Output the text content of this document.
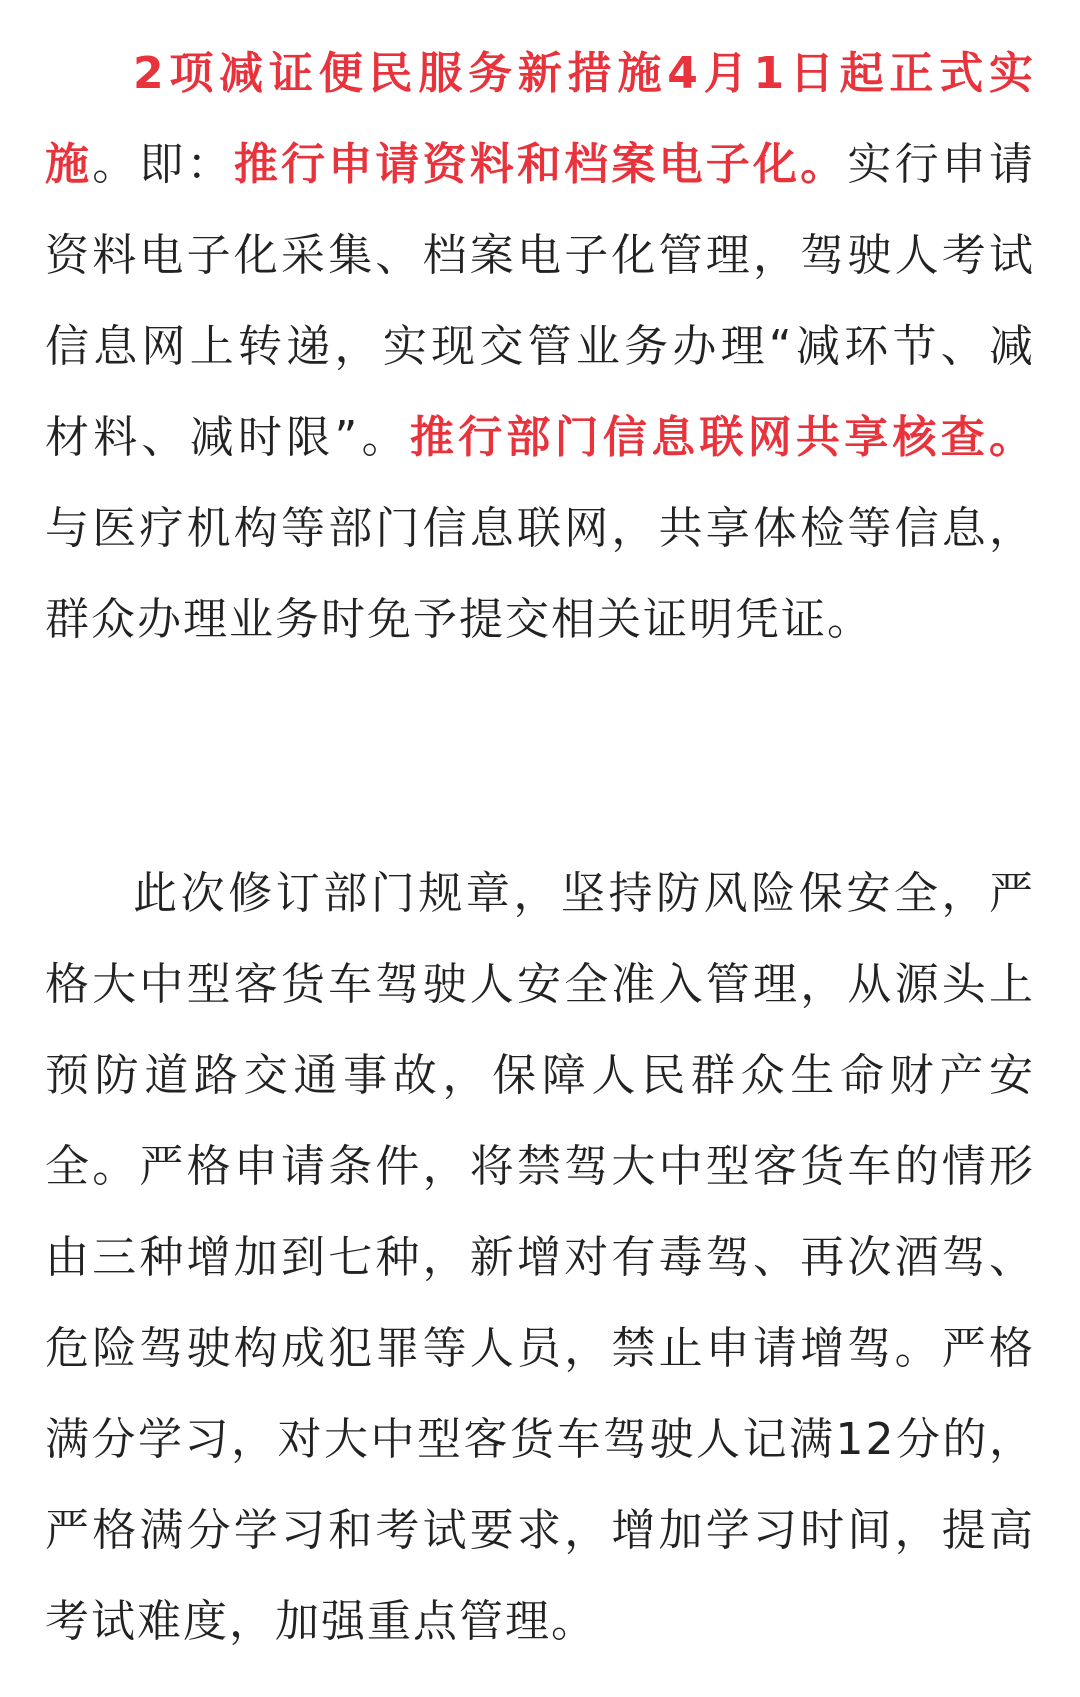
2项减证便民服务新措施4月1日起正式实施。即：推行申请资料和档案电子化。实行申请资料电子化采集、档案电子化管理，驾驶人考试信息网上转递，实现交管业务办理“减环节、减材料、减时限”。推行部门信息联网共享核查。与医疗机构等部门信息联网，共享体检等信息，群众办理业务时免予提交相关证明凭证。

此次修订部门规章，坚持防风险保安全，严格大中型客货车驾驶人安全准入管理，从源头上预防道路交通事故，保障人民群众生命财产安全。严格申请条件，将禁驾大中型客货车的情形由三种增加到七种，新增对有毒驾、再次酒驾、危险驾驶构成犯罪等人员，禁止申请增驾。严格满分学习，对大中型客货车驾驶人记满12分的，严格满分学习和考试要求，增加学习时间，提高考试难度，加强重点管理。
